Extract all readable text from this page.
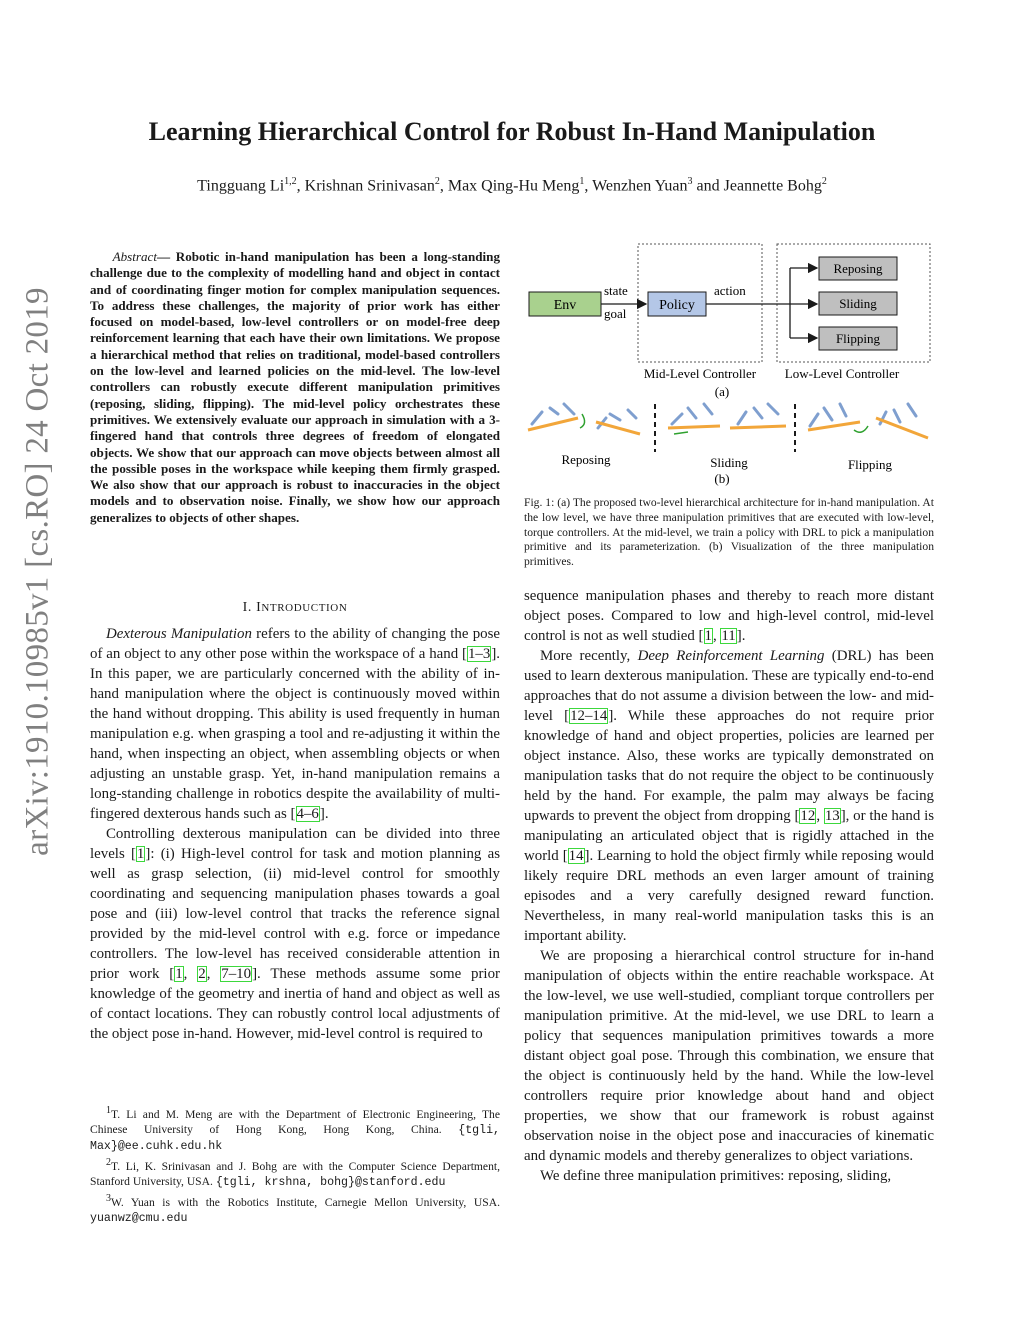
arXiv:1910.10985v1 [cs.RO] 24 Oct 2019
Learning Hierarchical Control for Robust In-Hand Manipulation
Tingguang Li$^{1,2}$, Krishnan Srinivasan$^2$, Max Qing-Hu Meng$^1$, Wenzhen Yuan$^3$ and Jeannette Bohg$^2$
Abstract— Robotic in-hand manipulation has been a long-standing challenge due to the complexity of modelling hand and object in contact and of coordinating finger motion for complex manipulation sequences. To address these challenges, the majority of prior work has either focused on model-based, low-level controllers or on model-free deep reinforcement learning that each have their own limitations. We propose a hierarchical method that relies on traditional, model-based controllers on the low-level and learned policies on the mid-level. The low-level controllers can robustly execute different manipulation primitives (reposing, sliding, flipping). The mid-level policy orchestrates these primitives. We extensively evaluate our approach in simulation with a 3-fingered hand that controls three degrees of freedom of elongated objects. We show that our approach can move objects between almost all the possible poses in the workspace while keeping them firmly grasped. We also show that our approach is robust to inaccuracies in the object models and to observation noise. Finally, we show how our approach generalizes to objects of other shapes.
I. INTRODUCTION

Dexterous Manipulation refers to the ability of changing the pose of an object to any other pose within the workspace of a hand [1–3]. In this paper, we are particularly concerned with the ability of in-hand manipulation where the object is continuously moved within the hand without dropping. This ability is used frequently in human manipulation e.g. when grasping a tool and re-adjusting it within the hand, when inspecting an object, when assembling objects or when adjusting an unstable grasp. Yet, in-hand manipulation remains a long-standing challenge in robotics despite the availability of multi-fingered dexterous hands such as [4–6].

Controlling dexterous manipulation can be divided into three levels [1]: (i) High-level control for task and motion planning as well as grasp selection, (ii) mid-level control for smoothly coordinating and sequencing manipulation phases towards a goal pose and (iii) low-level control that tracks the reference signal provided by the mid-level control with e.g. force or impedance controllers. The low-level has received considerable attention in prior work [1, 2, 7–10]. These methods assume some prior knowledge of the geometry and inertia of hand and object as well as of contact locations. They can robustly control local adjustments of the object pose in-hand. However, mid-level control is required to

$^1$T. Li and M. Meng are with the Department of Electronic Engineering, The Chinese University of Hong Kong, Hong Kong, China. {tgli, Max}@ee.cuhk.edu.hk

$^2$T. Li, K. Srinivasan and J. Bohg are with the Computer Science Department, Stanford University, USA. {tgli, krshna, bohg}@stanford.edu

$^3$W. Yuan is with the Robotics Institute, Carnegie Mellon University, USA. yuanwz@cmu.edu

Env	Policy
state
goal
action
Reposing
Sliding
Flipping
Mid-Level Controller Low-Level Controller
(a)
Reposing	Sliding
(b)
Flipping
Fig. 1: (a) The proposed two-level hierarchical architecture for in-hand manipulation. At the low level, we have three manipulation primitives that are executed with low-level, torque controllers. At the mid-level, we train a policy with DRL to pick a manipulation primitive and its parameterization. (b) Visualization of the three manipulation primitives.

sequence manipulation phases and thereby to reach more distant object poses. Compared to low and high-level control, mid-level control is not as well studied [1, 11].

More recently, Deep Reinforcement Learning (DRL) has been used to learn dexterous manipulation. These are typically end-to-end approaches that do not assume a division between the low- and mid-level [12–14]. While these approaches do not require prior knowledge of hand and object properties, policies are learned per object instance. Also, these works are typically demonstrated on manipulation tasks that do not require the object to be continuously held by the hand. For example, the palm may always be facing upwards to prevent the object from dropping [12, 13], or the hand is manipulating an articulated object that is rigidly attached in the world [14]. Learning to hold the object firmly while reposing would likely require DRL methods an even larger amount of training episodes and a very carefully designed reward function. Nevertheless, in many real-world manipulation tasks this is an important ability.

We are proposing a hierarchical control structure for in-hand manipulation of objects within the entire reachable workspace. At the low-level, we use well-studied, compliant torque controllers per manipulation primitive. At the mid-level, we use DRL to learn a policy that sequences manipulation primitives towards a more distant object goal pose. Through this combination, we ensure that the object is continuously held by the hand. While the low-level controllers require prior knowledge about hand and object properties, we show that our framework is robust against observation noise in the object pose and inaccuracies of kinematic and dynamic models and thereby generalizes to object variations.

We define three manipulation primitives: reposing, sliding,
